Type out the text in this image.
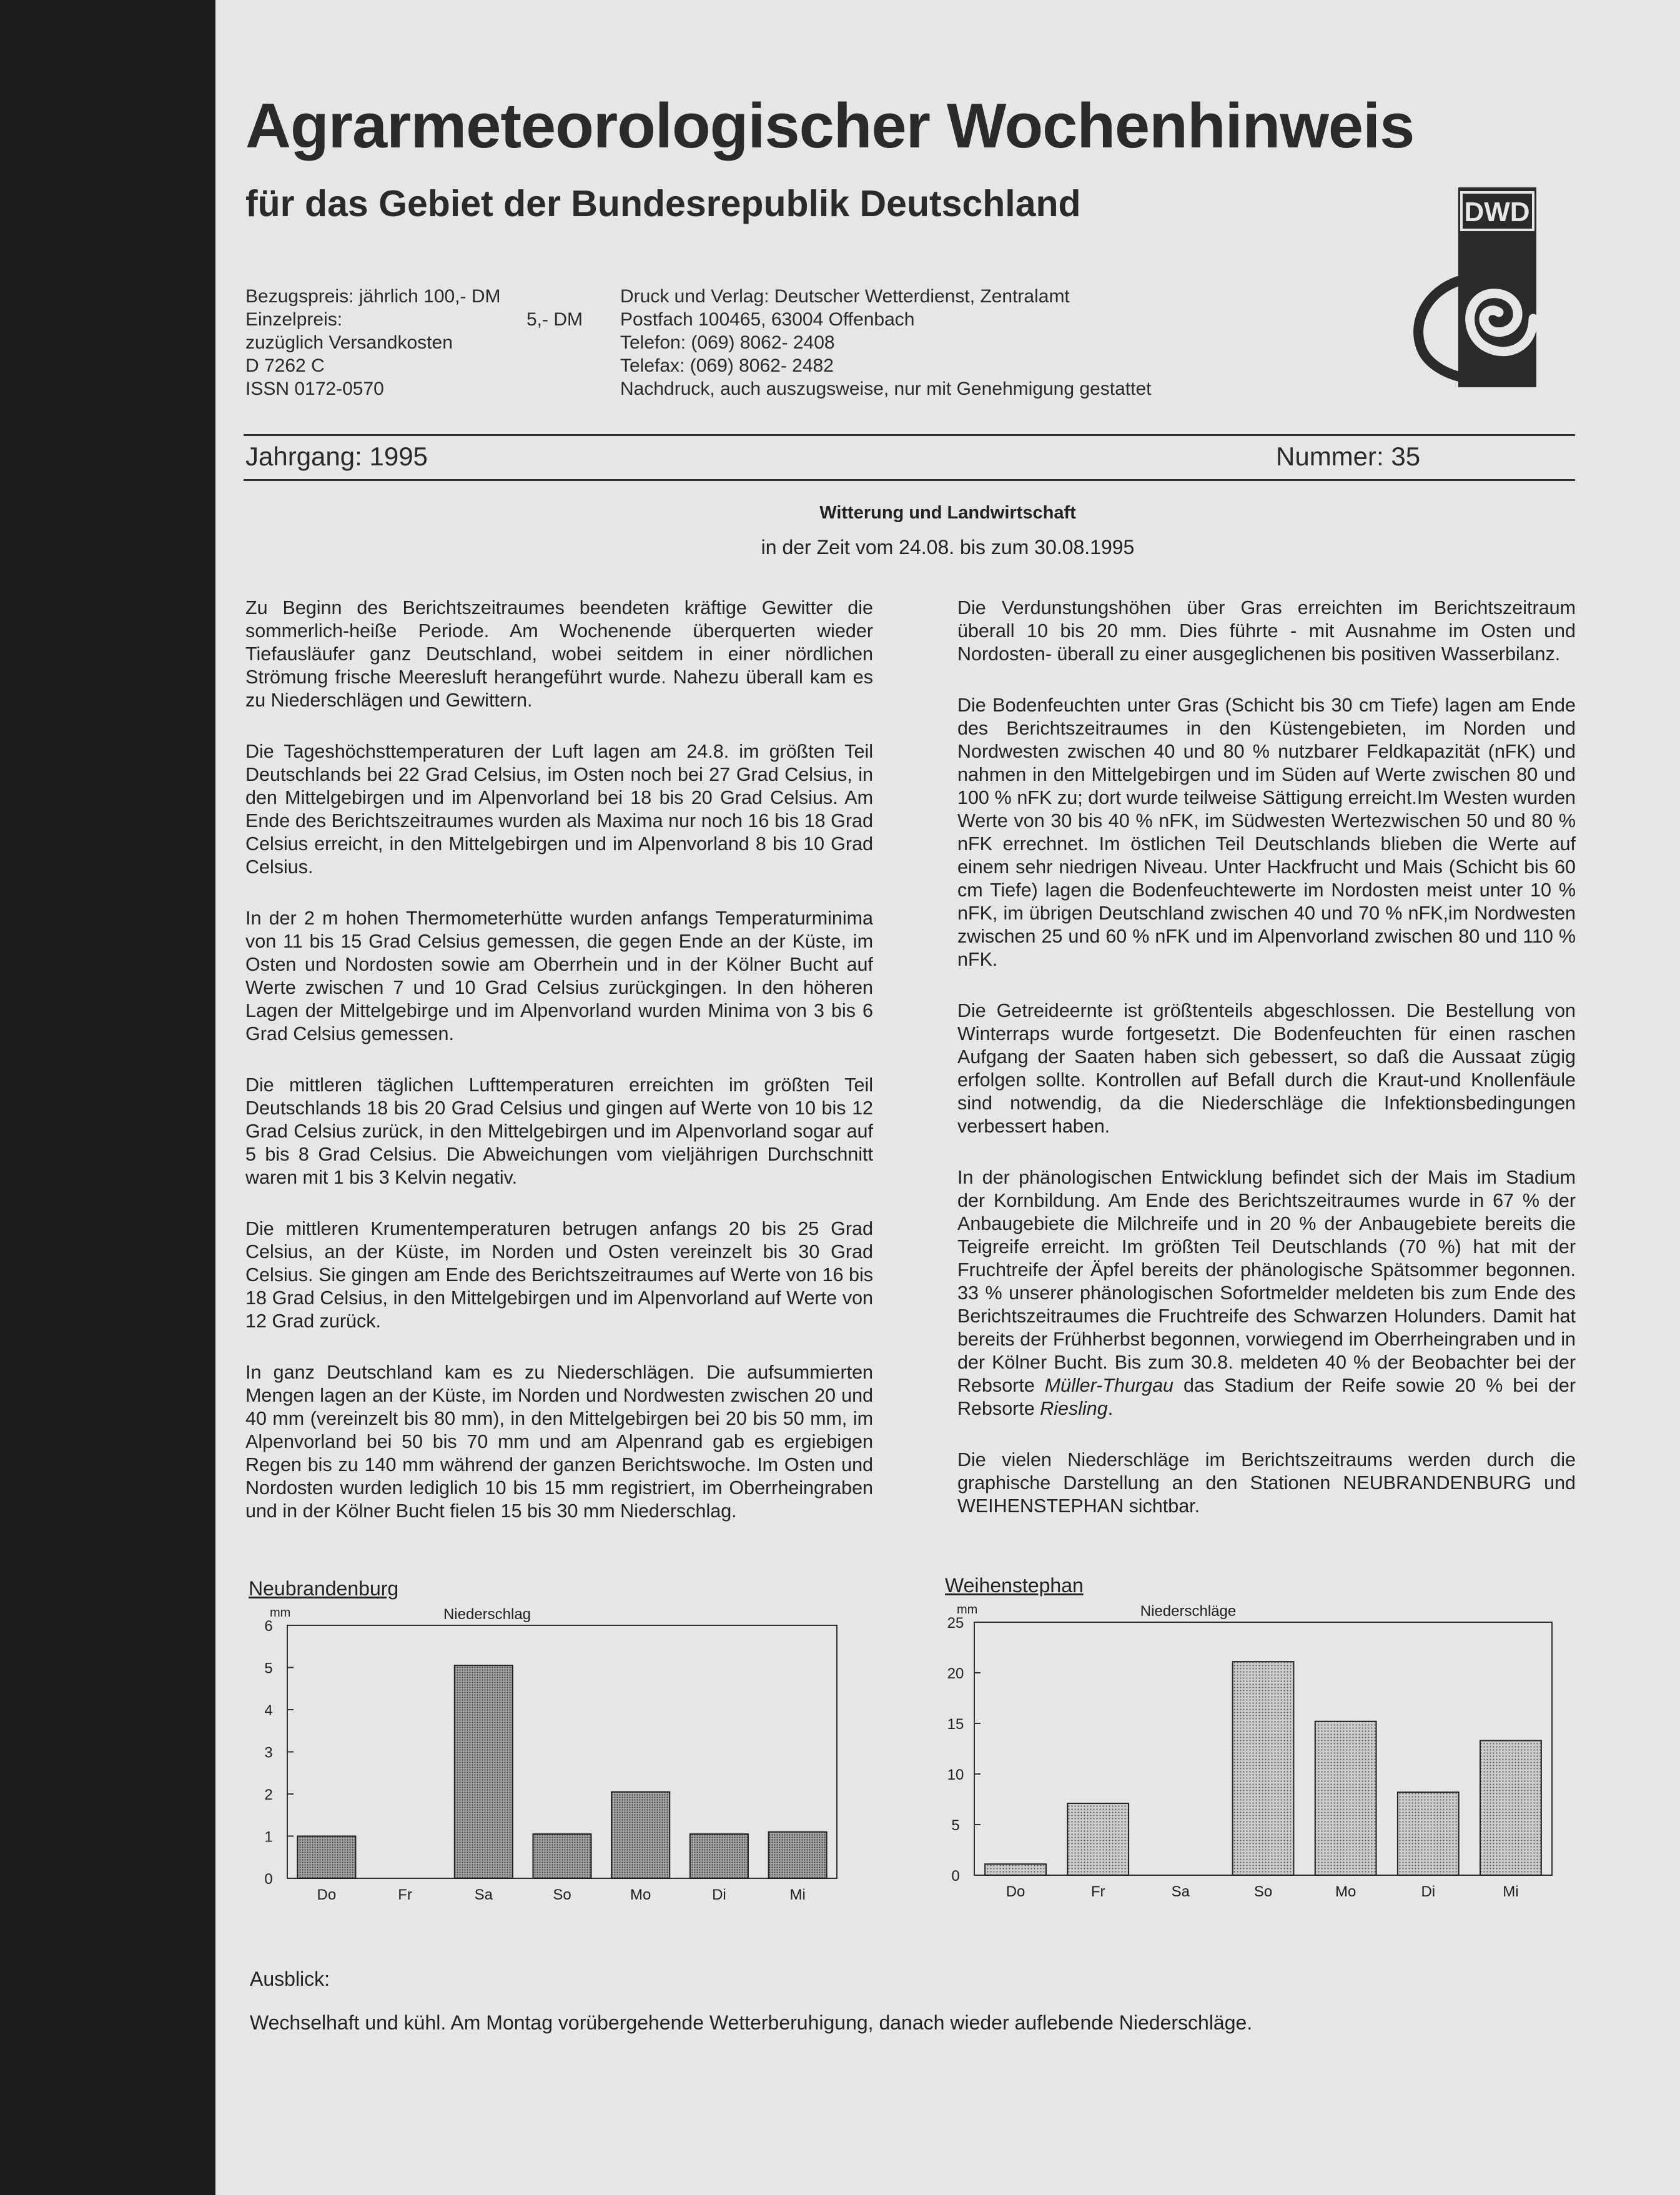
Agrarmeteorologischer Wochenhinweis
für das Gebiet der Bundesrepublik Deutschland
Bezugspreis: jährlich 100,- DM
Einzelpreis:	5,- DM
zuzüglich Versandkosten
D 7262 C
ISSN 0172-0570
Druck und Verlag: Deutscher Wetterdienst, Zentralamt
Postfach 100465, 63004 Offenbach
Telefon: (069) 8062- 2408
Telefax: (069) 8062- 2482
Nachdruck, auch auszugsweise, nur mit Genehmigung gestattet
DWD
Jahrgang: 1995	Nummer: 35
Witterung und Landwirtschaft
in der Zeit vom 24.08. bis zum 30.08.1995

Zu Beginn des Berichtszeitraumes beendeten kräftige Gewitter die sommerlich-heiße Periode. Am Wochenende überquerten wieder Tiefausläufer ganz Deutschland, wobei seitdem in einer nördlichen Strömung frische Meeresluft herangeführt wurde. Nahezu überall kam es zu Niederschlägen und Gewittern.

Die Tageshöchsttemperaturen der Luft lagen am 24.8. im größten Teil Deutschlands bei 22 Grad Celsius, im Osten noch bei 27 Grad Celsius, in den Mittelgebirgen und im Alpenvorland bei 18 bis 20 Grad Celsius. Am Ende des Berichtszeitraumes wurden als Maxima nur noch 16 bis 18 Grad Celsius erreicht, in den Mittelgebirgen und im Alpenvorland 8 bis 10 Grad Celsius.

In der 2 m hohen Thermometerhütte wurden anfangs Temperaturminima von 11 bis 15 Grad Celsius gemessen, die gegen Ende an der Küste, im Osten und Nordosten sowie am Oberrhein und in der Kölner Bucht auf Werte zwischen 7 und 10 Grad Celsius zurückgingen. In den höheren Lagen der Mittelgebirge und im Alpenvorland wurden Minima von 3 bis 6 Grad Celsius gemessen.

Die mittleren täglichen Lufttemperaturen erreichten im größten Teil Deutschlands 18 bis 20 Grad Celsius und gingen auf Werte von 10 bis 12 Grad Celsius zurück, in den Mittelgebirgen und im Alpenvorland sogar auf 5 bis 8 Grad Celsius. Die Abweichungen vom vieljährigen Durchschnitt waren mit 1 bis 3 Kelvin negativ.

Die mittleren Krumentemperaturen betrugen anfangs 20 bis 25 Grad Celsius, an der Küste, im Norden und Osten vereinzelt bis 30 Grad Celsius. Sie gingen am Ende des Berichtszeitraumes auf Werte von 16 bis 18 Grad Celsius, in den Mittelgebirgen und im Alpenvorland auf Werte von 12 Grad zurück.

In ganz Deutschland kam es zu Niederschlägen. Die aufsummierten Mengen lagen an der Küste, im Norden und Nordwesten zwischen 20 und 40 mm (vereinzelt bis 80 mm), in den Mittelgebirgen bei 20 bis 50 mm, im Alpenvorland bei 50 bis 70 mm und am Alpenrand gab es ergiebigen Regen bis zu 140 mm während der ganzen Berichtswoche. Im Osten und Nordosten wurden lediglich 10 bis 15 mm registriert, im Oberrheingraben und in der Kölner Bucht fielen 15 bis 30 mm Niederschlag.

Die Verdunstungshöhen über Gras erreichten im Berichtszeitraum überall 10 bis 20 mm. Dies führte - mit Ausnahme im Osten und Nordosten- überall zu einer ausgeglichenen bis positiven Wasserbilanz.

Die Bodenfeuchten unter Gras (Schicht bis 30 cm Tiefe) lagen am Ende des Berichtszeitraumes in den Küstengebieten, im Norden und Nordwesten zwischen 40 und 80 % nutzbarer Feldkapazität (nFK) und nahmen in den Mittelgebirgen und im Süden auf Werte zwischen 80 und 100 % nFK zu; dort wurde teilweise Sättigung erreicht.Im Westen wurden Werte von 30 bis 40 % nFK, im Südwesten Wertezwischen 50 und 80 % nFK errechnet. Im östlichen Teil Deutschlands blieben die Werte auf einem sehr niedrigen Niveau. Unter Hackfrucht und Mais (Schicht bis 60 cm Tiefe) lagen die Bodenfeuchtewerte im Nordosten meist unter 10 % nFK, im übrigen Deutschland zwischen 40 und 70 % nFK,im Nordwesten zwischen 25 und 60 % nFK und im Alpenvorland zwischen 80 und 110 % nFK.

Die Getreideernte ist größtenteils abgeschlossen. Die Bestellung von Winterraps wurde fortgesetzt. Die Bodenfeuchten für einen raschen Aufgang der Saaten haben sich gebessert, so daß die Aussaat zügig erfolgen sollte. Kontrollen auf Befall durch die Kraut-und Knollenfäule sind notwendig, da die Niederschläge die Infektionsbedingungen verbessert haben.

In der phänologischen Entwicklung befindet sich der Mais im Stadium der Kornbildung. Am Ende des Berichtszeitraumes wurde in 67 % der Anbaugebiete die Milchreife und in 20 % der Anbaugebiete bereits die Teigreife erreicht. Im größten Teil Deutschlands (70 %) hat mit der Fruchtreife der Äpfel bereits der phänologische Spätsommer begonnen. 33 % unserer phänologischen Sofortmelder meldeten bis zum Ende des Berichtszeitraumes die Fruchtreife des Schwarzen Holunders. Damit hat bereits der Frühherbst begonnen, vorwiegend im Oberrheingraben und in der Kölner Bucht. Bis zum 30.8. meldeten 40 % der Beobachter bei der Rebsorte Müller-Thurgau das Stadium der Reife sowie 20 % bei der Rebsorte Riesling.

Die vielen Niederschläge im Berichtszeitraums werden durch die graphische Darstellung an den Stationen NEUBRANDENBURG und WEIHENSTEPHAN sichtbar.

Neubrandenburg	Weihenstephan
mm	Niederschlag
0
1
2
3
4
5
6
Do	Fr	Sa	So	Mo	Di	Mi
mm	Niederschläge
0
5
10
15
20
25
Do	Fr	Sa	So	Mo	Di	Mi
Ausblick:
Wechselhaft und kühl. Am Montag vorübergehende Wetterberuhigung, danach wieder auflebende Niederschläge.
